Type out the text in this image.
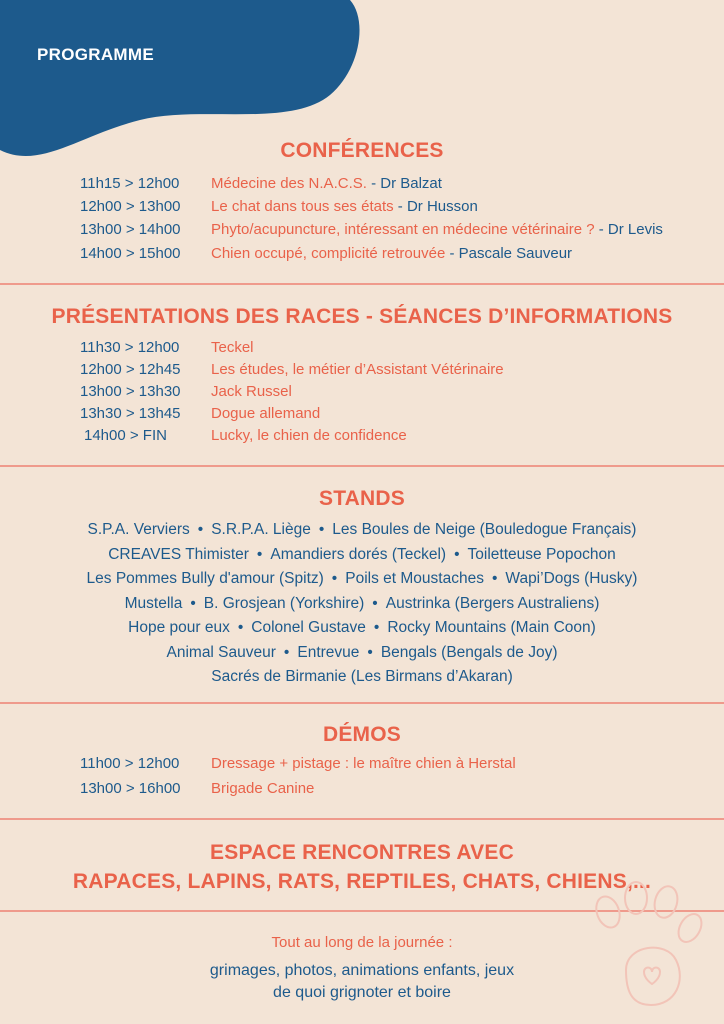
PROGRAMME
CONFÉRENCES
11h15 > 12h00 Médecine des N.A.C.S. - Dr Balzat
12h00 > 13h00 Le chat dans tous ses états - Dr Husson
13h00 > 14h00 Phyto/acupuncture, intéressant en médecine vétérinaire ? - Dr Levis
14h00 > 15h00 Chien occupé, complicité retrouvée - Pascale Sauveur
PRÉSENTATIONS DES RACES - SÉANCES D’INFORMATIONS
11h30 > 12h00 Teckel
12h00 > 12h45 Les études, le métier d’Assistant Vétérinaire
13h00 > 13h30 Jack Russel
13h30 > 13h45 Dogue allemand
14h00 > FIN	Lucky, le chien de confidence
STANDS
S.P.A. Verviers • S.R.P.A. Liège • Les Boules de Neige (Bouledogue Français)
CREAVES Thimister • Amandiers dorés (Teckel) • Toiletteuse Popochon
Les Pommes Bully d'amour (Spitz) • Poils et Moustaches • Wapi’Dogs (Husky)
Mustella • B. Grosjean (Yorkshire) • Austrinka (Bergers Australiens)
Hope pour eux • Colonel Gustave • Rocky Mountains (Main Coon)
Animal Sauveur • Entrevue • Bengals (Bengals de Joy)
Sacrés de Birmanie (Les Birmans d’Akaran)
DÉMOS
11h00 > 12h00 Dressage + pistage : le maître chien à Herstal
13h00 > 16h00 Brigade Canine
ESPACE RENCONTRES AVEC
RAPACES, LAPINS, RATS, REPTILES, CHATS, CHIENS,...
Tout au long de la journée :
grimages, photos, animations enfants, jeux
de quoi grignoter et boire
